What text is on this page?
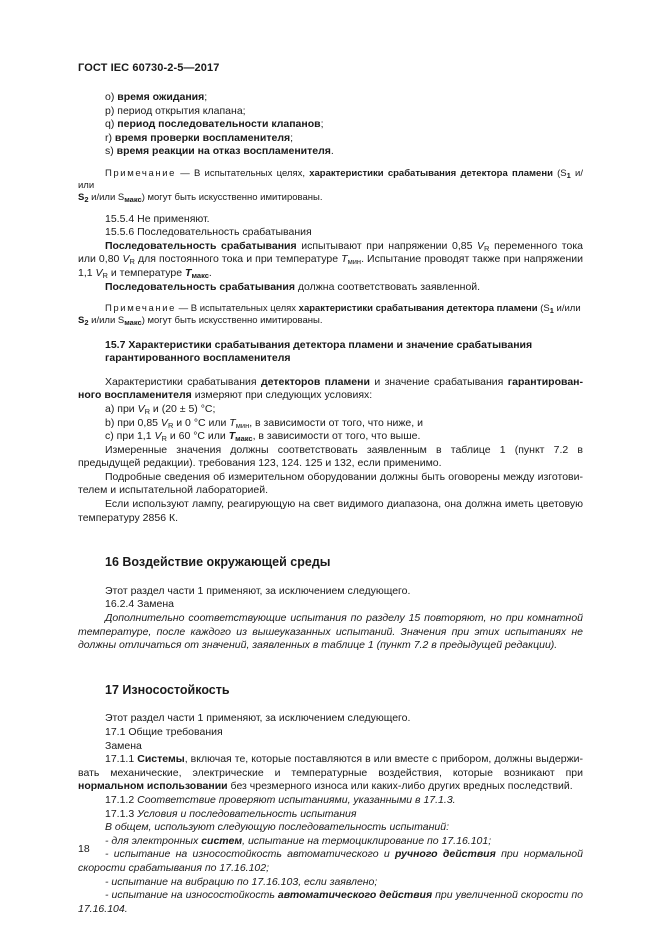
ГОСТ IEC 60730-2-5—2017

o) время ожидания;

p) период открытия клапана;

q) период последовательности клапанов;

r) время проверки воспламенителя;

s) время реакции на отказ воспламенителя.

Примечание — В испытательных целях, характеристики срабатывания детектора пламени ($S_1$ и/или
$S_2$ и/или $S_{макс}$) могут быть искусственно имитированы.

15.5.4 Не применяют.

15.5.6 Последовательность срабатывания

Последовательность срабатывания испытывают при напряжении 0,85 $V_R$ переменного тока или 0,80 $V_R$ для постоянного тока и при температуре $T_{мин}$. Испытание проводят также при напряжении 1,1 $V_R$ и температуре $T_{макс}$.

Последовательность срабатывания должна соответствовать заявленной.

Примечание — В испытательных целях характеристики срабатывания детектора пламени ($S_1$ и/или
$S_2$ и/или $S_{макс}$) могут быть искусственно имитированы.

15.7 Характеристики срабатывания детектора пламени и значение срабатывания гарантированного воспламенителя

Характеристики срабатывания детекторов пламени и значение срабатывания гарантированного воспламенителя измеряют при следующих условиях:

a) при $V_R$ и (20 ± 5) °С;

b) при 0,85 $V_R$ и 0 °С или $T_{мин}$, в зависимости от того, что ниже, и

c) при 1,1 $V_R$ и 60 °С или $T_{макс}$, в зависимости от того, что выше.

Измеренные значения должны соответствовать заявленным в таблице 1 (пункт 7.2 в предыдущей редакции). требования 123, 124. 125 и 132, если применимо.

Подробные сведения об измерительном оборудовании должны быть оговорены между изготовителем и испытательной лабораторией.

Если используют лампу, реагирующую на свет видимого диапазона, она должна иметь цветовую температуру 2856 К.

16 Воздействие окружающей среды

Этот раздел части 1 применяют, за исключением следующего.

16.2.4 Замена

Дополнительно соответствующие испытания по разделу 15 повторяют, но при комнатной температуре, после каждого из вышеуказанных испытаний. Значения при этих испытаниях не должны отличаться от значений, заявленных в таблице 1 (пункт 7.2 в предыдущей редакции).

17 Износостойкость

Этот раздел части 1 применяют, за исключением следующего.

17.1 Общие требования

Замена

17.1.1 Системы, включая те, которые поставляются в или вместе с прибором, должны выдерживать механические, электрические и температурные воздействия, которые возникают при нормальном использовании без чрезмерного износа или каких-либо других вредных последствий.

17.1.2 Соответствие проверяют испытаниями, указанными в 17.1.3.

17.1.3 Условия и последовательность испытания

В общем, используют следующую последовательность испытаний:

- для электронных систем, испытание на термоциклирование по 17.16.101;

- испытание на износостойкость автоматического и ручного действия при нормальной скорости срабатывания по 17.16.102;

- испытание на вибрацию по 17.16.103, если заявлено;

- испытание на износостойкость автоматического действия при увеличенной скорости по 17.16.104.

18
